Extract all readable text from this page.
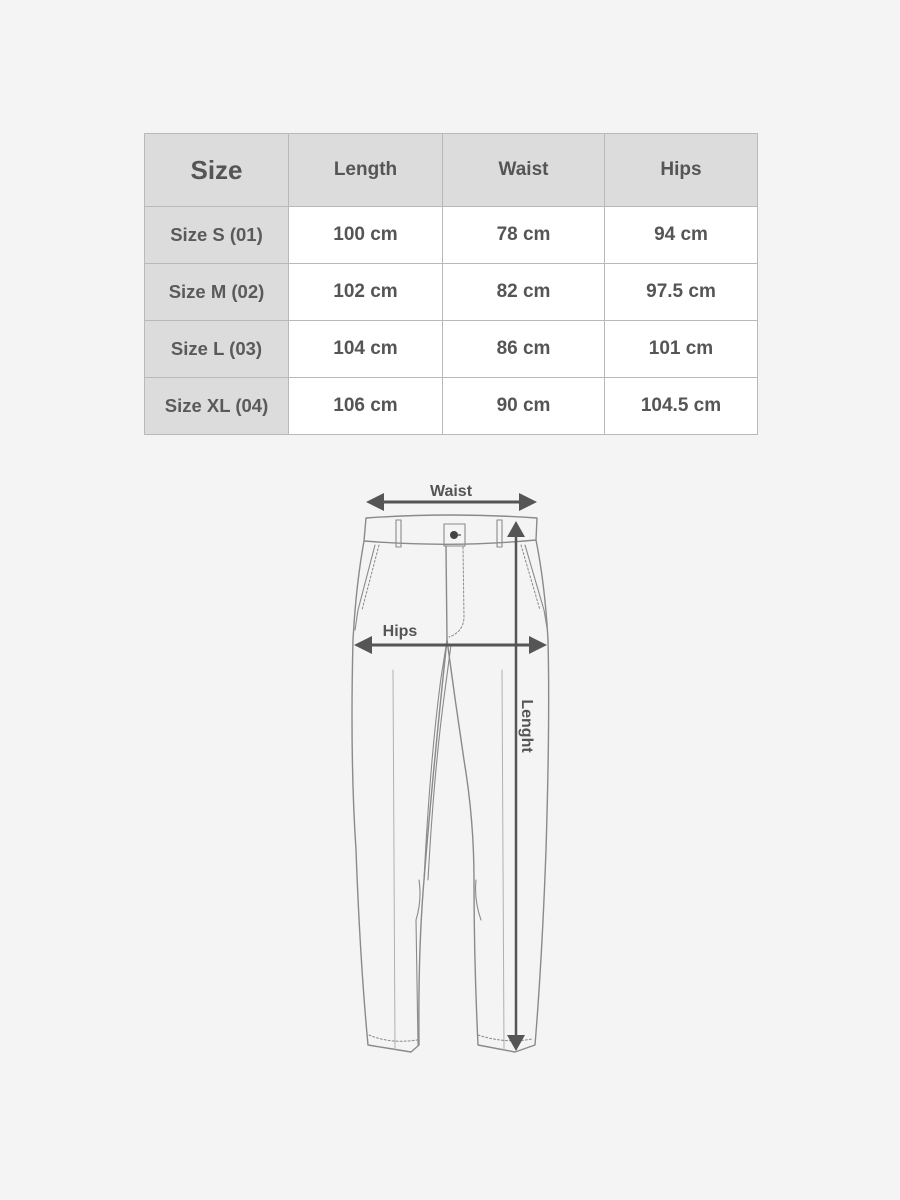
Size	Length	Waist	Hips
Size S (01)	100 cm	78 cm	94 cm
Size M (02)	102 cm	82 cm	97.5 cm
Size L (03)	104 cm	86 cm	101 cm
Size XL (04)	106 cm	90 cm	104.5 cm
Waist
Hips
Lenght
